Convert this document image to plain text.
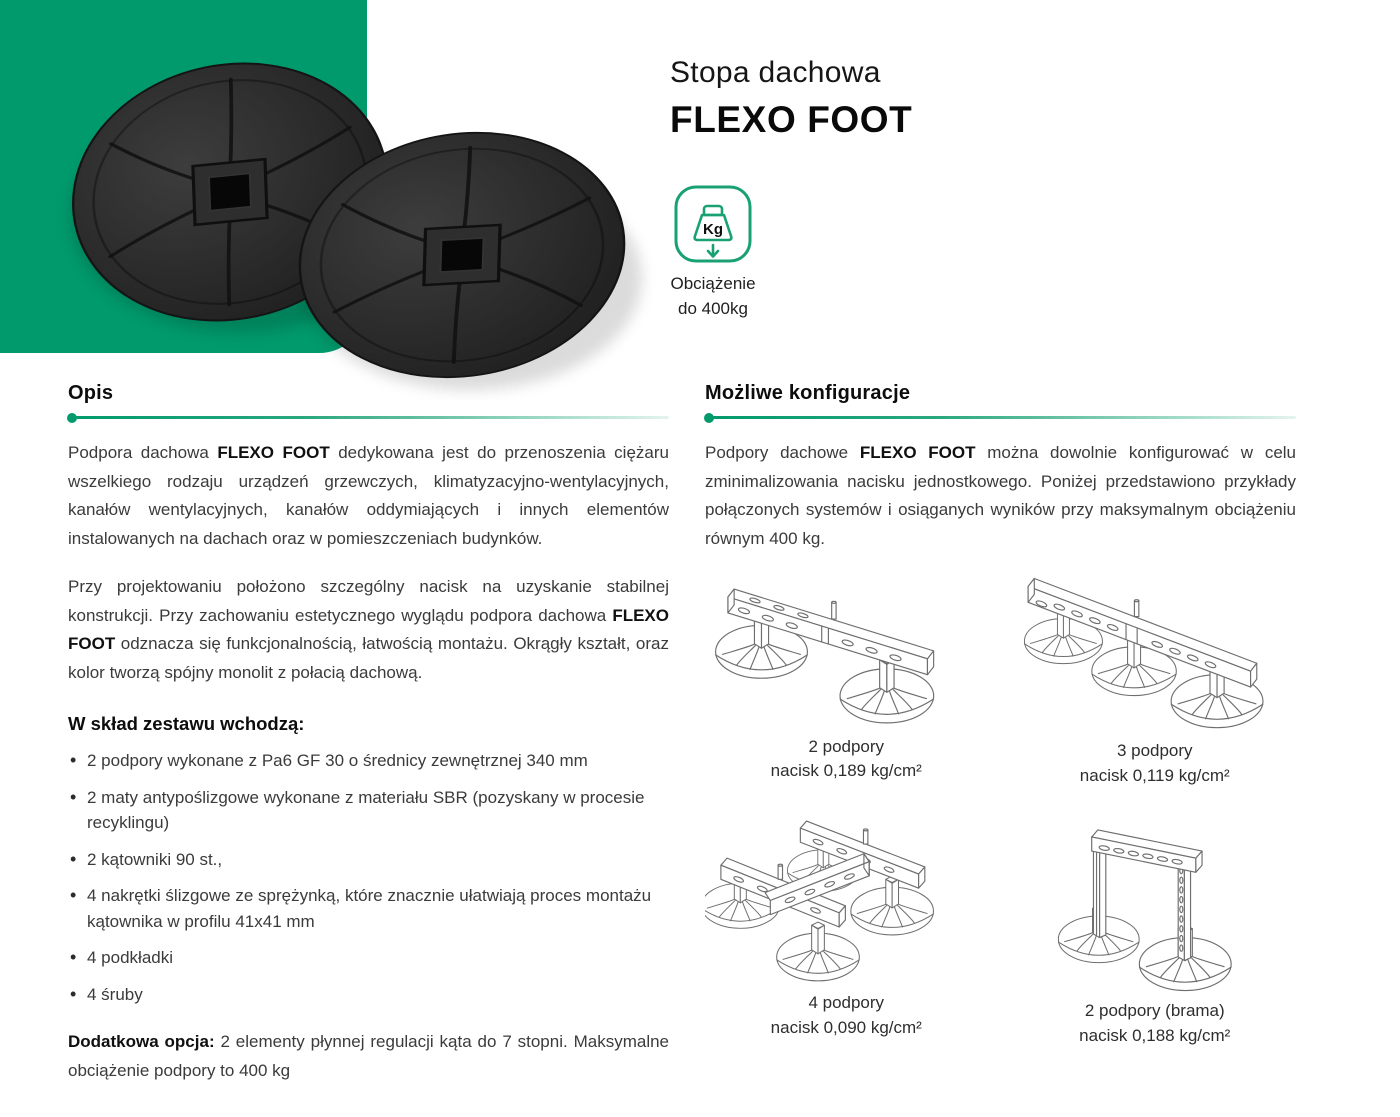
Stopa dachowa
FLEXO FOOT
Kg
Obciążenie
do 400kg
Opis

Podpora dachowa FLEXO FOOT dedykowana jest do przenoszenia ciężaru wszelkiego rodzaju urządzeń grzewczych, klimatyzacyjno-wentylacyjnych, kanałów wentylacyjnych, kanałów oddymiających i innych elementów instalowanych na dachach oraz w pomieszczeniach budynków.

Przy projektowaniu położono szczególny nacisk na uzyskanie stabilnej konstrukcji. Przy zachowaniu estetycznego wyglądu podpora dachowa FLEXO FOOT odznacza się funkcjonalnością, łatwością montażu. Okrągły kształt, oraz kolor tworzą spójny monolit z połacią dachową.

W skład zestawu wchodzą:
• 2 podpory wykonane z Pa6 GF 30 o średnicy zewnętrznej 340 mm
• 2 maty antypoślizgowe wykonane z materiału SBR (pozyskany w procesie recyklingu)
• 2 kątowniki 90 st.,
• 4 nakrętki ślizgowe ze sprężynką, które znacznie ułatwiają proces montażu kątownika w profilu 41x41 mm
• 4 podkładki
• 4 śruby

Dodatkowa opcja: 2 elementy płynnej regulacji kąta do 7 stopni. Maksymalne obciążenie podpory to 400 kg

Możliwe konfiguracje

Podpory dachowe FLEXO FOOT można dowolnie konfigurować w celu zminimalizowania nacisku jednostkowego. Poniżej przedstawiono przykłady połączonych systemów i osiąganych wyników przy maksymalnym obciążeniu równym 400 kg.

2 podpory
nacisk 0,189 kg/cm²
3 podpory
nacisk 0,119 kg/cm²
4 podpory
nacisk 0,090 kg/cm²
2 podpory (brama)
nacisk 0,188 kg/cm²
